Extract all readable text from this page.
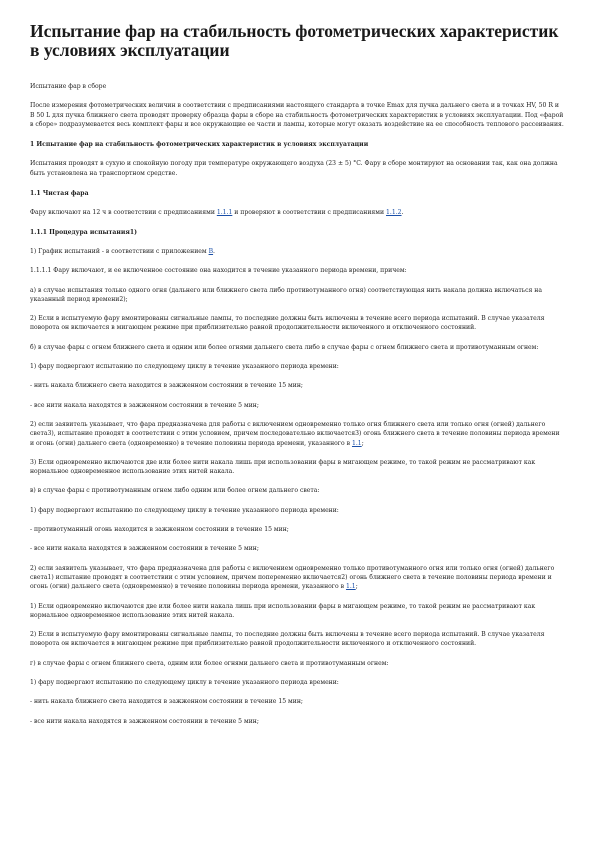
Испытание фар на стабильность фотометрических характеристик в условиях эксплуатации

Испытание фар в сборе

После измерения фотометрических величин в соответствии с предписаниями настоящего стандарта в точке Emax для пучка дальнего света и в точках HV, 50 R и B 50 L для пучка ближнего света проводят проверку образца фары в сборе на стабильность фотометрических характеристик в условиях эксплуатации. Под «фарой в сборе» подразумевается весь комплект фары и все окружающие ее части и лампы, которые могут оказать воздействие на ее способность теплового рассеивания.

1 Испытание фар на стабильность фотометрических характеристик в условиях эксплуатации

Испытания проводят в сухую и спокойную погоду при температуре окружающего воздуха (23 ± 5) °C. Фару в сборе монтируют на основании так, как она должна быть установлена на транспортном средстве.

1.1 Чистая фара

Фару включают на 12 ч в соответствии с предписаниями 1.1.1 и проверяют в соответствии с предписаниями 1.1.2.

1.1.1 Процедура испытания1)

1) График испытаний - в соответствии с приложением В.

1.1.1.1 Фару включают, и ее включенное состояние она находится в течение указанного периода времени, причем:

а) в случае испытания только одного огня (дальнего или ближнего света либо противотуманного огня) соответствующая нить накала должна включаться на указанный период времени2);

2) Если в испытуемую фару вмонтированы сигнальные лампы, то последние должны быть включены в течение всего периода испытаний. В случае указателя поворота он включается в мигающем режиме при приблизительно равной продолжительности включенного и отключенного состояний.

б) в случае фары с огнем ближнего света и одним или более огнями дальнего света либо в случае фары с огнем ближнего света и противотуманным огнем:

1) фару подвергают испытанию по следующему циклу в течение указанного периода времени:

- нить накала ближнего света находится в зажженном состоянии в течение 15 мин;

- все нити накала находятся в зажженном состоянии в течение 5 мин;

2) если заявитель указывает, что фара предназначена для работы с включением одновременно только огня ближнего света или только огня (огней) дальнего света3), испытание проводят в соответствии с этим условием, причем последовательно включается3) огонь ближнего света в течение половины периода времени и огонь (огни) дальнего света (одновременно) в течение половины периода времени, указанного в 1.1;

3) Если одновременно включаются две или более нити накала лишь при использовании фары в мигающем режиме, то такой режим не рассматривают как нормальное одновременное использование этих нитей накала.

в) в случае фары с противотуманным огнем либо одним или более огнем дальнего света:

1) фару подвергают испытанию по следующему циклу в течение указанного периода времени:

- противотуманный огонь находится в зажженном состоянии в течение 15 мин;

- все нити накала находятся в зажженном состоянии в течение 5 мин;

2) если заявитель указывает, что фара предназначена для работы с включением одновременно только противотуманного огня или только огня (огней) дальнего света1) испытание проводят в соответствии с этим условием, причем попеременно включается2) огонь ближнего света в течение половины периода времени и огонь (огни) дальнего света (одновременно) в течение половины периода времени, указанного в 1.1;

1) Если одновременно включаются две или более нити накала лишь при использовании фары в мигающем режиме, то такой режим не рассматривают как нормальное одновременное использование этих нитей накала.

2) Если в испытуемую фару вмонтированы сигнальные лампы, то последние должны быть включены в течение всего периода испытаний. В случае указателя поворота он включается в мигающем режиме при приблизительно равной продолжительности включенного и отключенного состояний.

г) в случае фары с огнем ближнего света, одним или более огнями дальнего света и противотуманным огнем:

1) фару подвергают испытанию по следующему циклу в течение указанного периода времени:

- нить накала ближнего света находится в зажженном состоянии в течение 15 мин;

- все нити накала находятся в зажженном состоянии в течение 5 мин;
